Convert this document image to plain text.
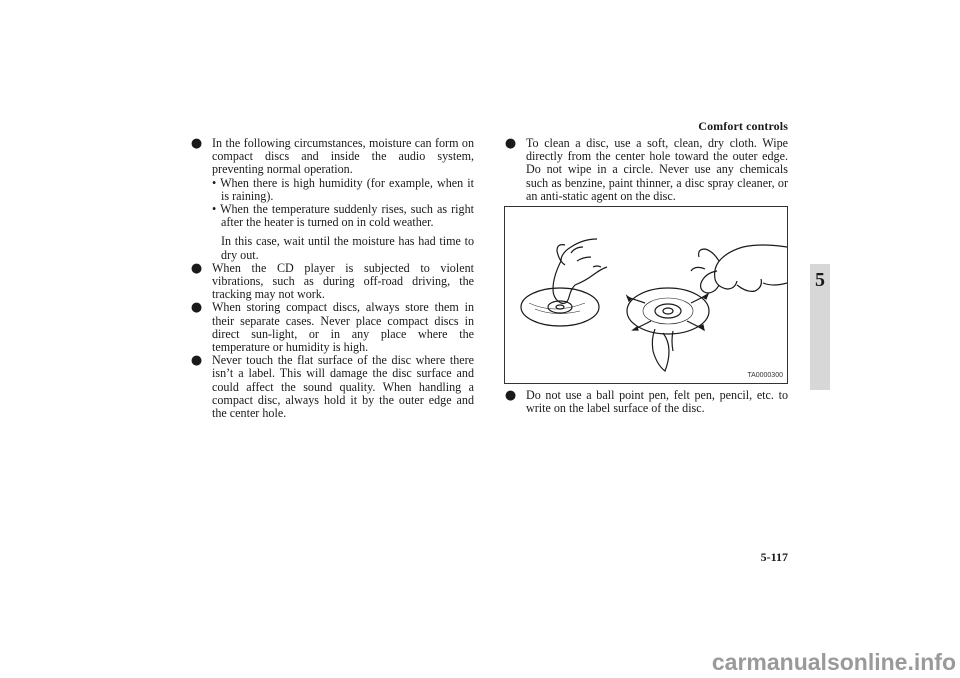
Comfort controls
5
● In the following circumstances, moisture can form on compact discs and inside the audio system, preventing normal operation.
• When there is high humidity (for example, when it is raining).
• When the temperature suddenly rises, such as right after the heater is turned on in cold weather.
In this case, wait until the moisture has had time to dry out.
● When the CD player is subjected to violent vibrations, such as during off-road driving, the tracking may not work.
● When storing compact discs, always store them in their separate cases. Never place compact discs in direct sun-light, or in any place where the temperature or humidity is high.
● Never touch the flat surface of the disc where there isn’t a label. This will damage the disc surface and could affect the sound quality. When handling a compact disc, always hold it by the outer edge and the center hole.
● To clean a disc, use a soft, clean, dry cloth. Wipe directly from the center hole toward the outer edge. Do not wipe in a circle. Never use any chemicals such as benzine, paint thinner, a disc spray cleaner, or an anti-static agent on the disc.
TA0000300
● Do not use a ball point pen, felt pen, pencil, etc. to write on the label surface of the disc.
5-117
carmanualsonline.info
